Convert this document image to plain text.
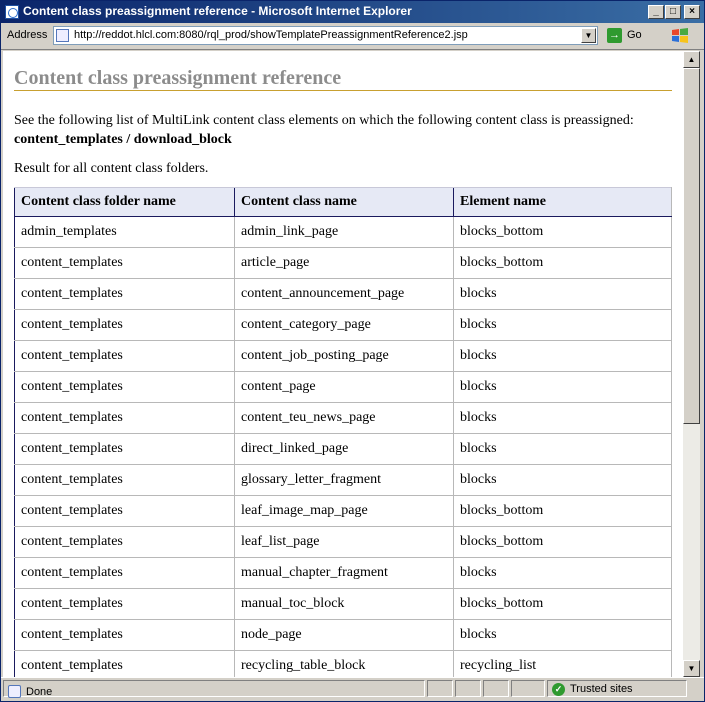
Content class preassignment reference - Microsoft Internet Explorer	_	□	×
Address http://reddot.hlcl.com:8080/rql_prod/showTemplatePreassignmentReference2.jsp	▼	→ Go
Content class preassignment reference
See the following list of MultiLink content class elements on which the following content class is preassigned:
content_templates / download_block
Result for all content class folders.
Content class folder name	Content class name	Element name
admin_templates	admin_link_page	blocks_bottom
content_templates	article_page	blocks_bottom
content_templates	content_announcement_page	blocks
content_templates	content_category_page	blocks
content_templates	content_job_posting_page	blocks
content_templates	content_page	blocks
content_templates	content_teu_news_page	blocks
content_templates	direct_linked_page	blocks
content_templates	glossary_letter_fragment	blocks
content_templates	leaf_image_map_page	blocks_bottom
content_templates	leaf_list_page	blocks_bottom
content_templates	manual_chapter_fragment	blocks
content_templates	manual_toc_block	blocks_bottom
content_templates	node_page	blocks
content_templates	recycling_table_block	recycling_list
▲
▼
Done	✓ Trusted sites
